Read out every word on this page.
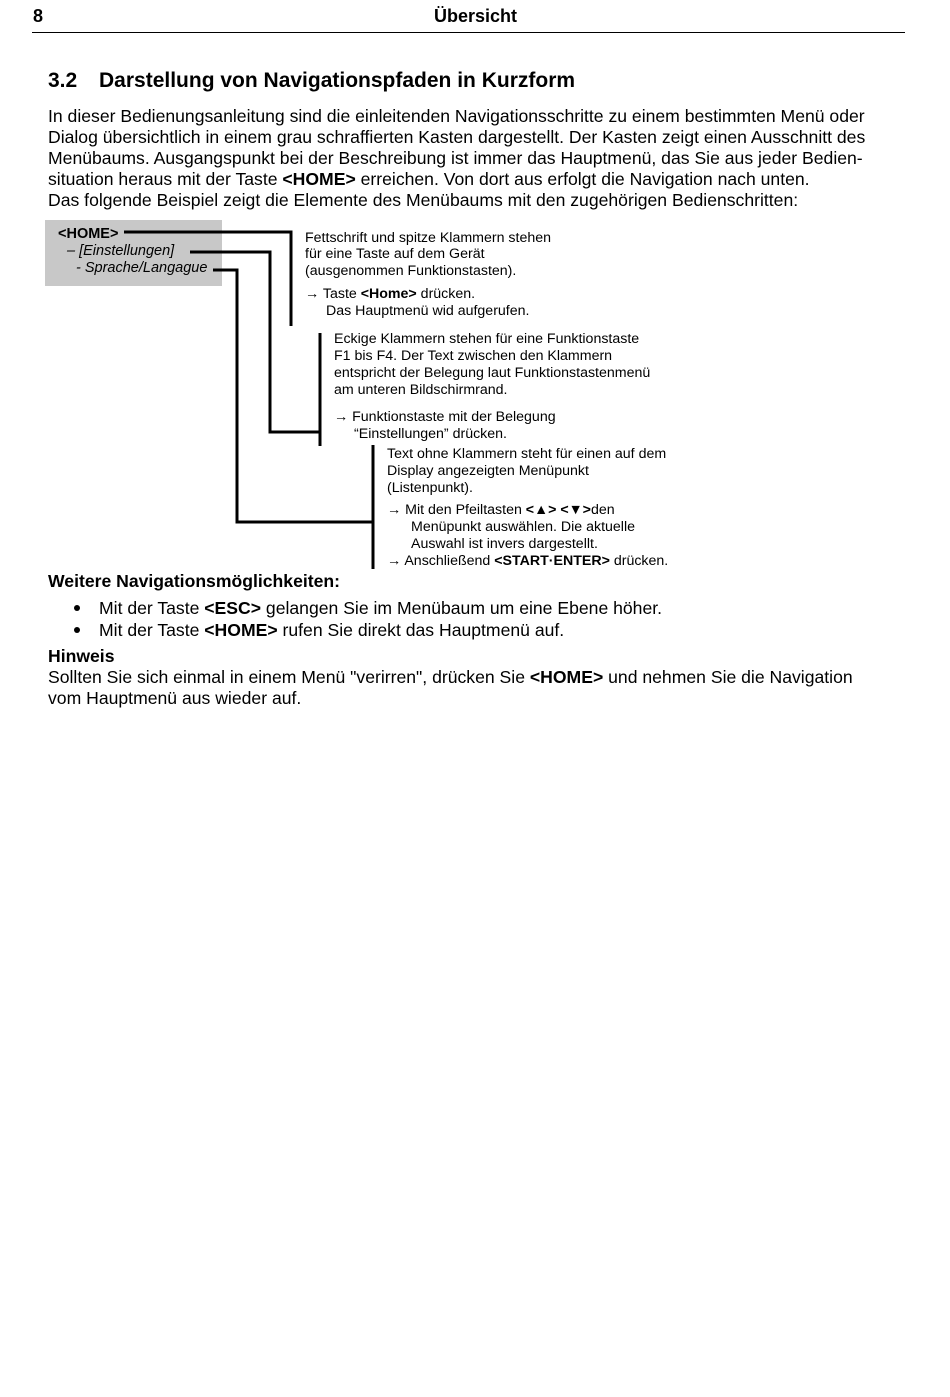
8	Übersicht
3.2 Darstellung von Navigationspfaden in Kurzform
In dieser Bedienungsanleitung sind die einleitenden Navigationsschritte zu einem bestimmten Menü oder
Dialog übersichtlich in einem grau schraffierten Kasten dargestellt. Der Kasten zeigt einen Ausschnitt des
Menübaums. Ausgangspunkt bei der Beschreibung ist immer das Hauptmenü, das Sie aus jeder Bedien-
situation heraus mit der Taste <HOME> erreichen. Von dort aus erfolgt die Navigation nach unten.
Das folgende Beispiel zeigt die Elemente des Menübaums mit den zugehörigen Bedienschritten:
<HOME>
– [Einstellungen]
- Sprache/Langague
Fettschrift und spitze Klammern stehen
für eine Taste auf dem Gerät
(ausgenommen Funktionstasten).
→ Taste <Home> drücken.
Das Hauptmenü wid aufgerufen.
Eckige Klammern stehen für eine Funktionstaste
F1 bis F4. Der Text zwischen den Klammern
entspricht der Belegung laut Funktionstastenmenü
am unteren Bildschirmrand.
→ Funktionstaste mit der Belegung
“Einstellungen” drücken.
Text ohne Klammern steht für einen auf dem
Display angezeigten Menüpunkt
(Listenpunkt).
→ Mit den Pfeiltasten <▲> <▼>den
Menüpunkt auswählen. Die aktuelle
Auswahl ist invers dargestellt.
→ Anschließend <START·ENTER> drücken.
Weitere Navigationsmöglichkeiten:
Mit der Taste <ESC> gelangen Sie im Menübaum um eine Ebene höher.
Mit der Taste <HOME> rufen Sie direkt das Hauptmenü auf.
Hinweis
Sollten Sie sich einmal in einem Menü "verirren", drücken Sie <HOME> und nehmen Sie die Navigation
vom Hauptmenü aus wieder auf.
